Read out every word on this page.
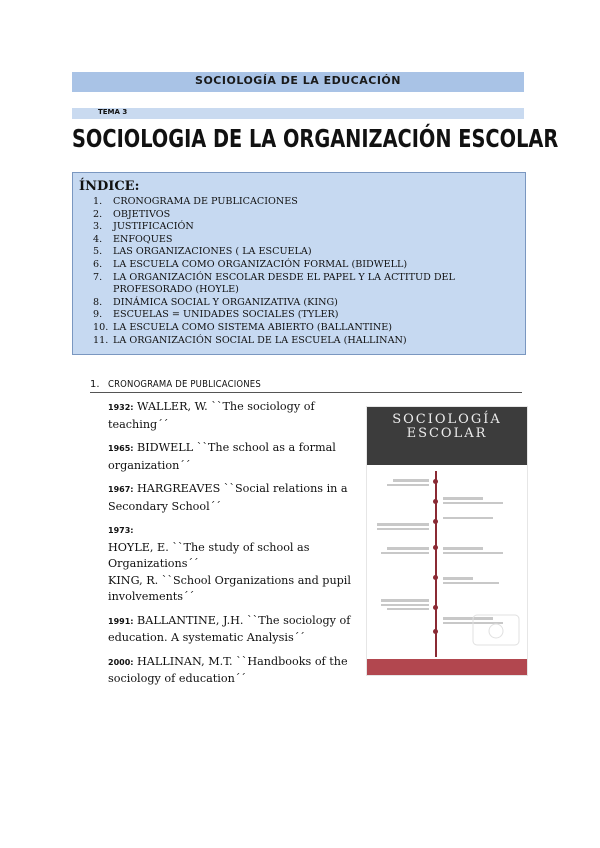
SOCIOLOGÍA DE LA EDUCACIÓN
TEMA 3
SOCIOLOGIA DE LA ORGANIZACIÓN ESCOLAR
ÍNDICE:
1. CRONOGRAMA DE PUBLICACIONES
2. OBJETIVOS
3. JUSTIFICACIÓN
4. ENFOQUES
5. LAS ORGANIZACIONES ( LA ESCUELA)
6. LA ESCUELA COMO ORGANIZACIÓN FORMAL (BIDWELL)
7. LA ORGANIZACIÓN ESCOLAR DESDE EL PAPEL Y LA ACTITUD DEL PROFESORADO (HOYLE)
8. DINÁMICA SOCIAL Y ORGANIZATIVA (KING)
9. ESCUELAS = UNIDADES SOCIALES (TYLER)
10. LA ESCUELA COMO SISTEMA ABIERTO (BALLANTINE)
11. LA ORGANIZACIÓN SOCIAL DE LA ESCUELA (HALLINAN)
1. CRONOGRAMA DE PUBLICACIONES
1932: WALLER, W. ``The sociology of teaching´´
1965: BIDWELL ``The school as a formal organization´´
1967: HARGREAVES ``Social relations in a Secondary School´´
1973:
HOYLE, E. ``The study of school as Organizations´´
KING, R. ``School Organizations and pupil involvements´´
1991: BALLANTINE, J.H. ``The sociology of education. A systematic Analysis´´
2000: HALLINAN, M.T. ``Handbooks of the sociology of education´´
SOCIOLOGÍA
ESCOLAR
